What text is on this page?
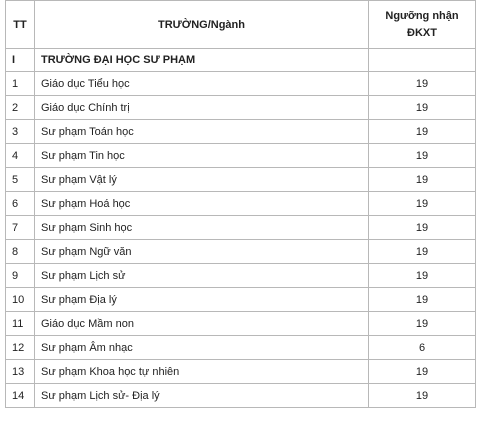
TT	TRƯỜNG/Ngành	Ngưỡng nhận
ĐKXT
I	TRƯỜNG ĐẠI HỌC SƯ PHẠM	
1	Giáo dục Tiểu học	19
2	Giáo dục Chính trị	19
3	Sư phạm Toán học	19
4	Sư phạm Tin học	19
5	Sư phạm Vật lý	19
6	Sư phạm Hoá học	19
7	Sư phạm Sinh học	19
8	Sư phạm Ngữ văn	19
9	Sư phạm Lịch sử	19
10	Sư phạm Địa lý	19
11	Giáo dục Mầm non	19
12	Sư phạm Âm nhạc	6
13	Sư phạm Khoa học tự nhiên	19
14	Sư phạm Lịch sử- Địa lý	19
